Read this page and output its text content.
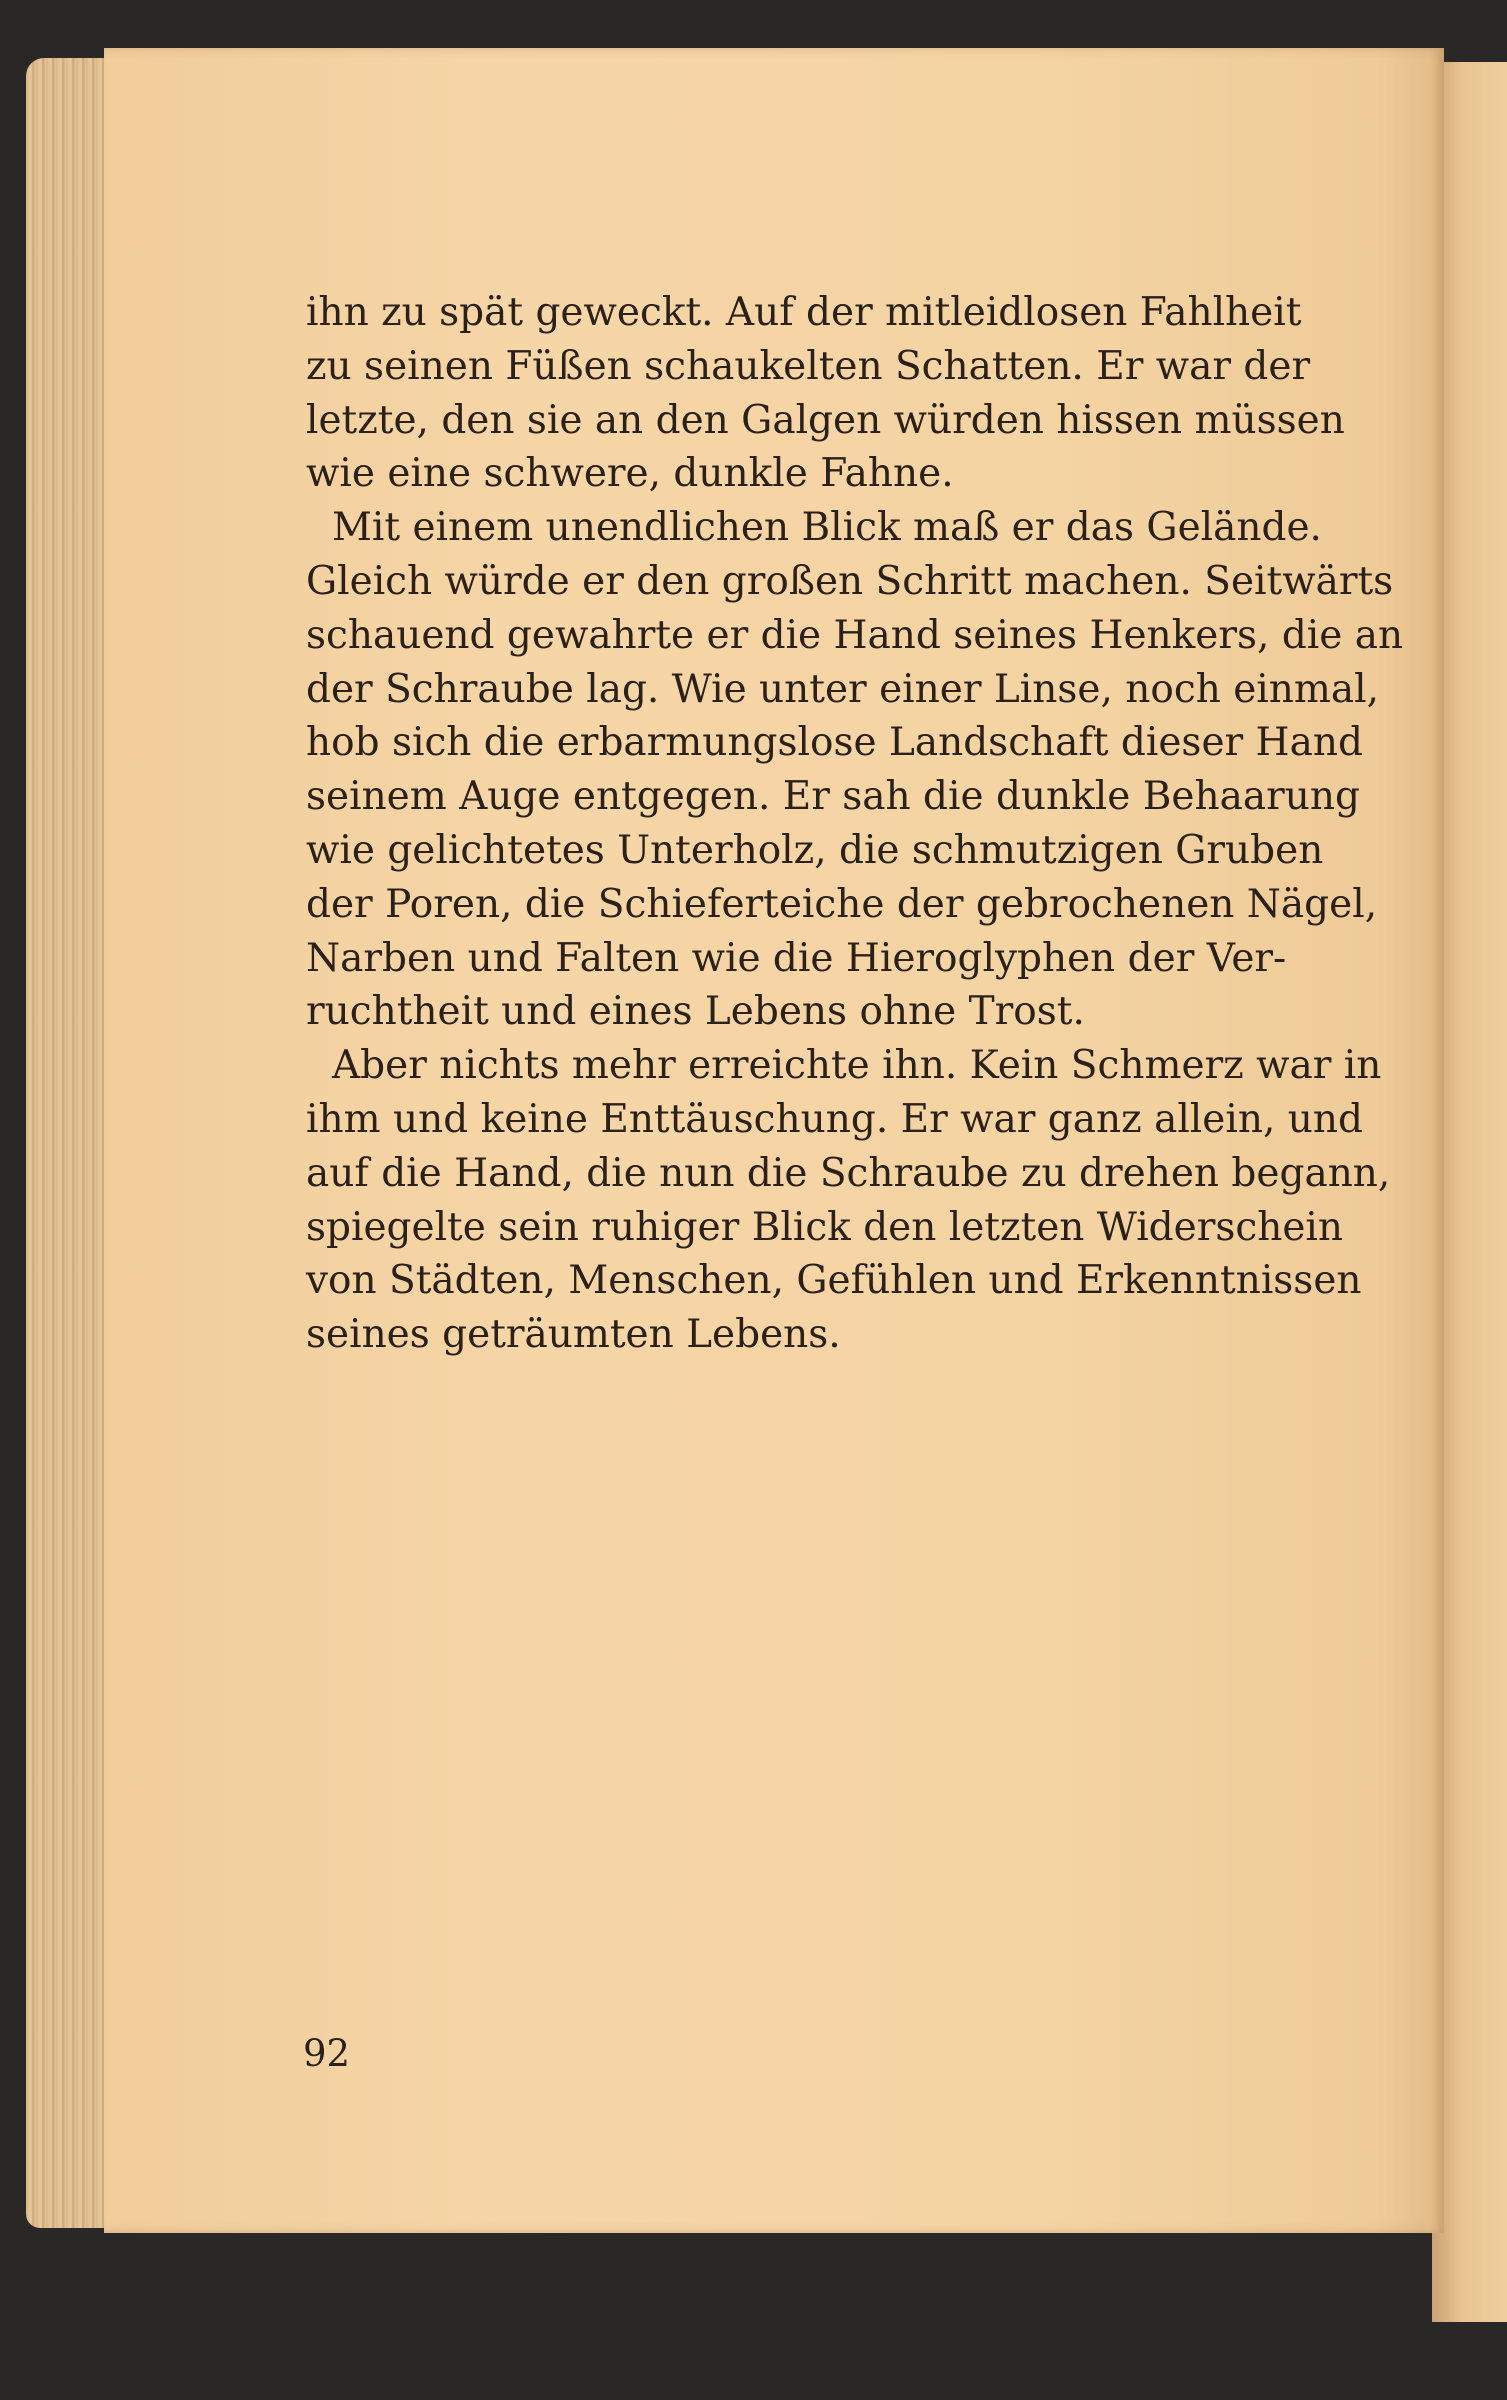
ihn zu spät geweckt. Auf der mitleidlosen Fahlheit
zu seinen Füßen schaukelten Schatten. Er war der
letzte, den sie an den Galgen würden hissen müssen
wie eine schwere, dunkle Fahne.
Mit einem unendlichen Blick maß er das Gelände.
Gleich würde er den großen Schritt machen. Seitwärts
schauend gewahrte er die Hand seines Henkers, die an
der Schraube lag. Wie unter einer Linse, noch einmal,
hob sich die erbarmungslose Landschaft dieser Hand
seinem Auge entgegen. Er sah die dunkle Behaarung
wie gelichtetes Unterholz, die schmutzigen Gruben
der Poren, die Schieferteiche der gebrochenen Nägel,
Narben und Falten wie die Hieroglyphen der Ver-
ruchtheit und eines Lebens ohne Trost.
Aber nichts mehr erreichte ihn. Kein Schmerz war in
ihm und keine Enttäuschung. Er war ganz allein, und
auf die Hand, die nun die Schraube zu drehen begann,
spiegelte sein ruhiger Blick den letzten Widerschein
von Städten, Menschen, Gefühlen und Erkenntnissen
seines geträumten Lebens.
92
